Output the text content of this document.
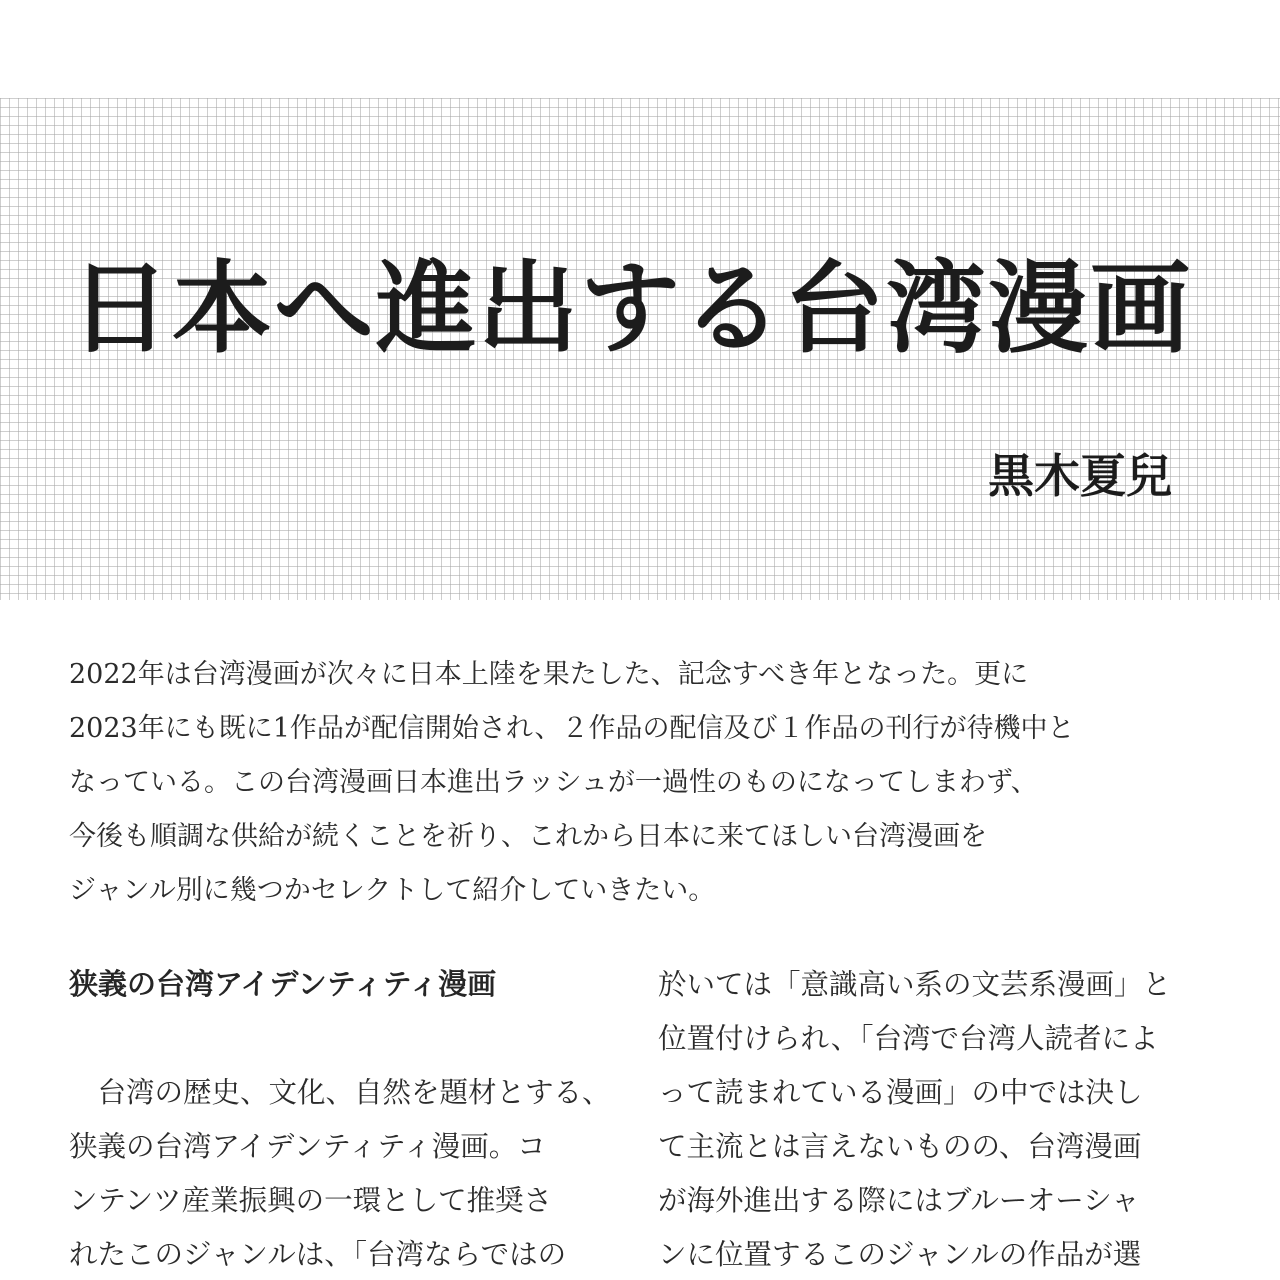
日本へ進出する台湾漫画
黒木夏兒
2022年は台湾漫画が次々に日本上陸を果たした、記念すべき年となった。更に
2023年にも既に1作品が配信開始され、２作品の配信及び１作品の刊行が待機中と
なっている。この台湾漫画日本進出ラッシュが一過性のものになってしまわず、
今後も順調な供給が続くことを祈り、これから日本に来てほしい台湾漫画を
ジャンル別に幾つかセレクトして紹介していきたい。
狭義の台湾アイデンティティ漫画
　台湾の歴史、文化、自然を題材とする、
狭義の台湾アイデンティティ漫画。コ
ンテンツ産業振興の一環として推奨さ
れたこのジャンルは、「台湾ならではの
於いては「意識高い系の文芸系漫画」と
位置付けられ、「台湾で台湾人読者によ
って読まれている漫画」の中では決し
て主流とは言えないものの、台湾漫画
が海外進出する際にはブルーオーシャ
ンに位置するこのジャンルの作品が選
